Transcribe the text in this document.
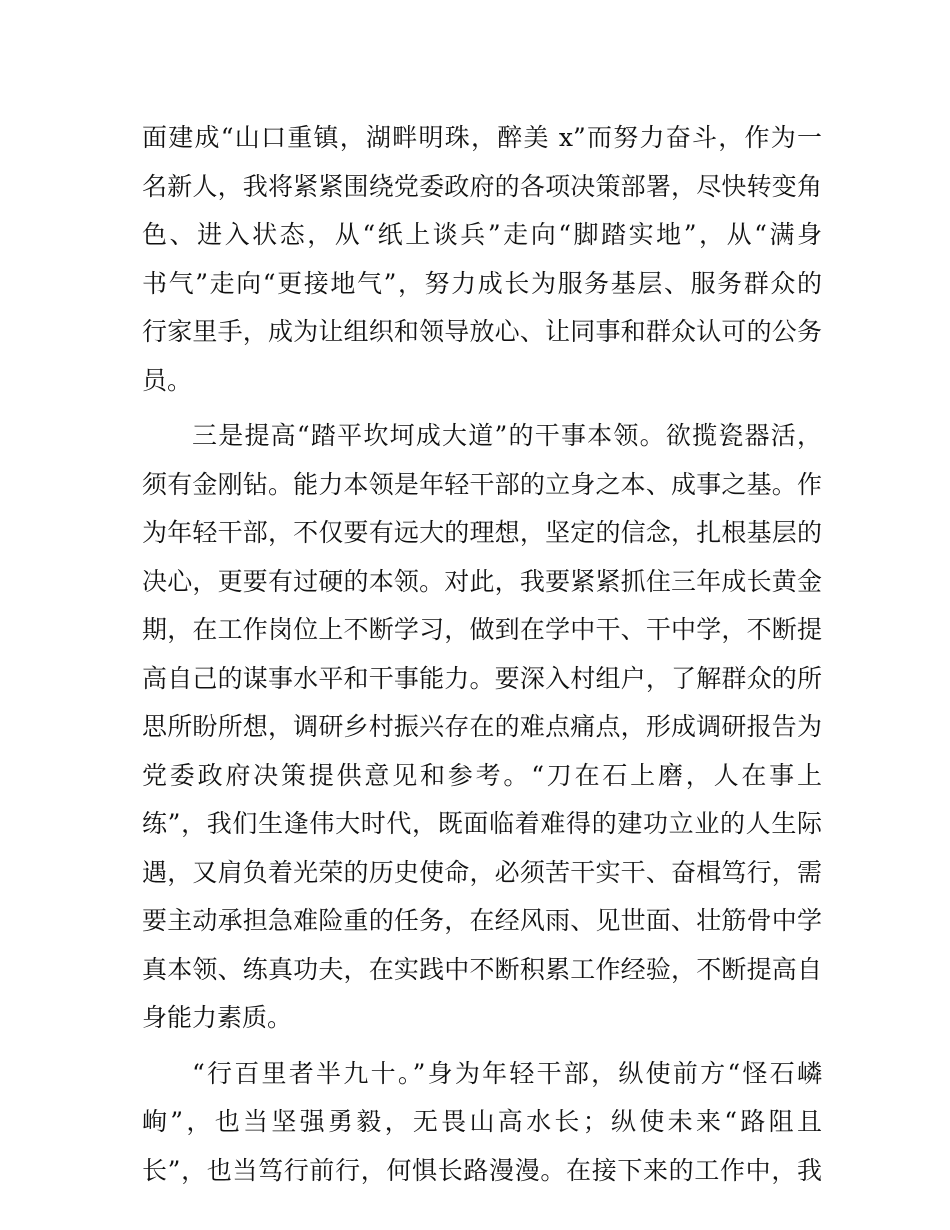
面建成“山口重镇，湖畔明珠，醉美 x”而努力奋斗，作为一
名新人，我将紧紧围绕党委政府的各项决策部署，尽快转变角
色、进入状态，从“纸上谈兵”走向“脚踏实地”，从“满身
书气”走向“更接地气”，努力成长为服务基层、服务群众的
行家里手，成为让组织和领导放心、让同事和群众认可的公务
员。
三是提高“踏平坎坷成大道”的干事本领。欲揽瓷器活，
须有金刚钻。能力本领是年轻干部的立身之本、成事之基。作
为年轻干部，不仅要有远大的理想，坚定的信念，扎根基层的
决心，更要有过硬的本领。对此，我要紧紧抓住三年成长黄金
期，在工作岗位上不断学习，做到在学中干、干中学，不断提
高自己的谋事水平和干事能力。要深入村组户，了解群众的所
思所盼所想，调研乡村振兴存在的难点痛点，形成调研报告为
党委政府决策提供意见和参考。“刀在石上磨，人在事上
练”，我们生逢伟大时代，既面临着难得的建功立业的人生际
遇，又肩负着光荣的历史使命，必须苦干实干、奋楫笃行，需
要主动承担急难险重的任务，在经风雨、见世面、壮筋骨中学
真本领、练真功夫，在实践中不断积累工作经验，不断提高自
身能力素质。
“行百里者半九十。”身为年轻干部，纵使前方“怪石嶙
峋”，也当坚强勇毅，无畏山高水长；纵使未来“路阻且
长”，也当笃行前行，何惧长路漫漫。在接下来的工作中，我
